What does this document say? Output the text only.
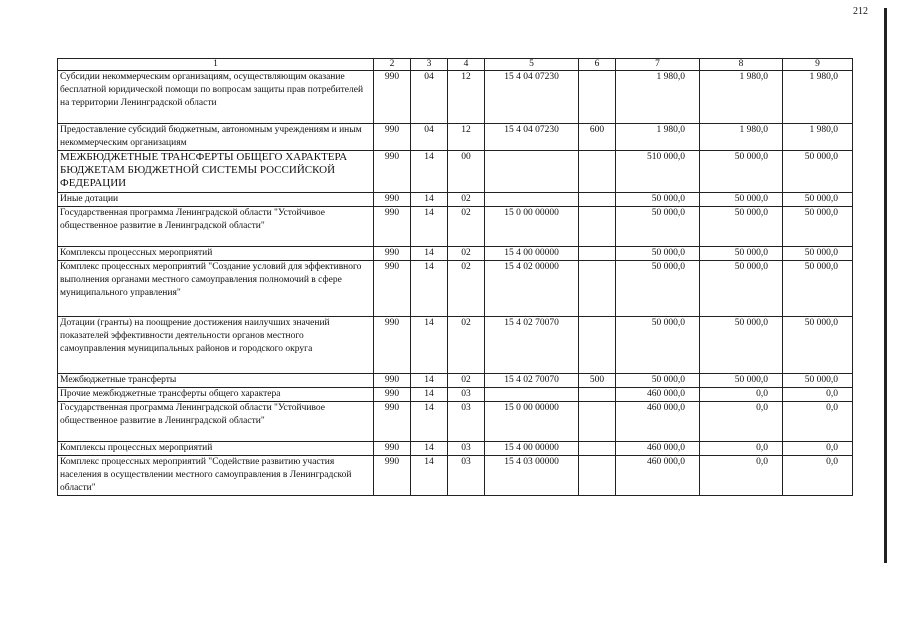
212
1	2	3	4	5	6	7	8	9
Субсидии некоммерческим организациям, осуществляющим оказание бесплатной юридической помощи по вопросам защиты прав потребителей на территории Ленинградской области	990	04	12	15 4 04 07230		1 980,0	1 980,0	1 980,0
Предоставление субсидий бюджетным, автономным учреждениям и иным некоммерческим организациям	990	04	12	15 4 04 07230	600	1 980,0	1 980,0	1 980,0
МЕЖБЮДЖЕТНЫЕ ТРАНСФЕРТЫ ОБЩЕГО ХАРАКТЕРА БЮДЖЕТАМ БЮДЖЕТНОЙ СИСТЕМЫ РОССИЙСКОЙ ФЕДЕРАЦИИ	990	14	00			510 000,0	50 000,0	50 000,0
Иные дотации	990	14	02			50 000,0	50 000,0	50 000,0
Государственная программа Ленинградской области "Устойчивое общественное развитие в Ленинградской области"	990	14	02	15 0 00 00000		50 000,0	50 000,0	50 000,0
Комплексы процессных мероприятий	990	14	02	15 4 00 00000		50 000,0	50 000,0	50 000,0
Комплекс процессных мероприятий "Создание условий для эффективного выполнения органами местного самоуправления полномочий в сфере муниципального управления"	990	14	02	15 4 02 00000		50 000,0	50 000,0	50 000,0
Дотации (гранты) на поощрение достижения наилучших значений показателей эффективности деятельности органов местного самоуправления муниципальных районов и городского округа	990	14	02	15 4 02 70070		50 000,0	50 000,0	50 000,0
Межбюджетные трансферты	990	14	02	15 4 02 70070	500	50 000,0	50 000,0	50 000,0
Прочие межбюджетные трансферты общего характера	990	14	03			460 000,0	0,0	0,0
Государственная программа Ленинградской области "Устойчивое общественное развитие в Ленинградской области"	990	14	03	15 0 00 00000		460 000,0	0,0	0,0
Комплексы процессных мероприятий	990	14	03	15 4 00 00000		460 000,0	0,0	0,0
Комплекс процессных мероприятий "Содействие развитию участия населения в осуществлении местного самоуправления в Ленинградской области"	990	14	03	15 4 03 00000		460 000,0	0,0	0,0
